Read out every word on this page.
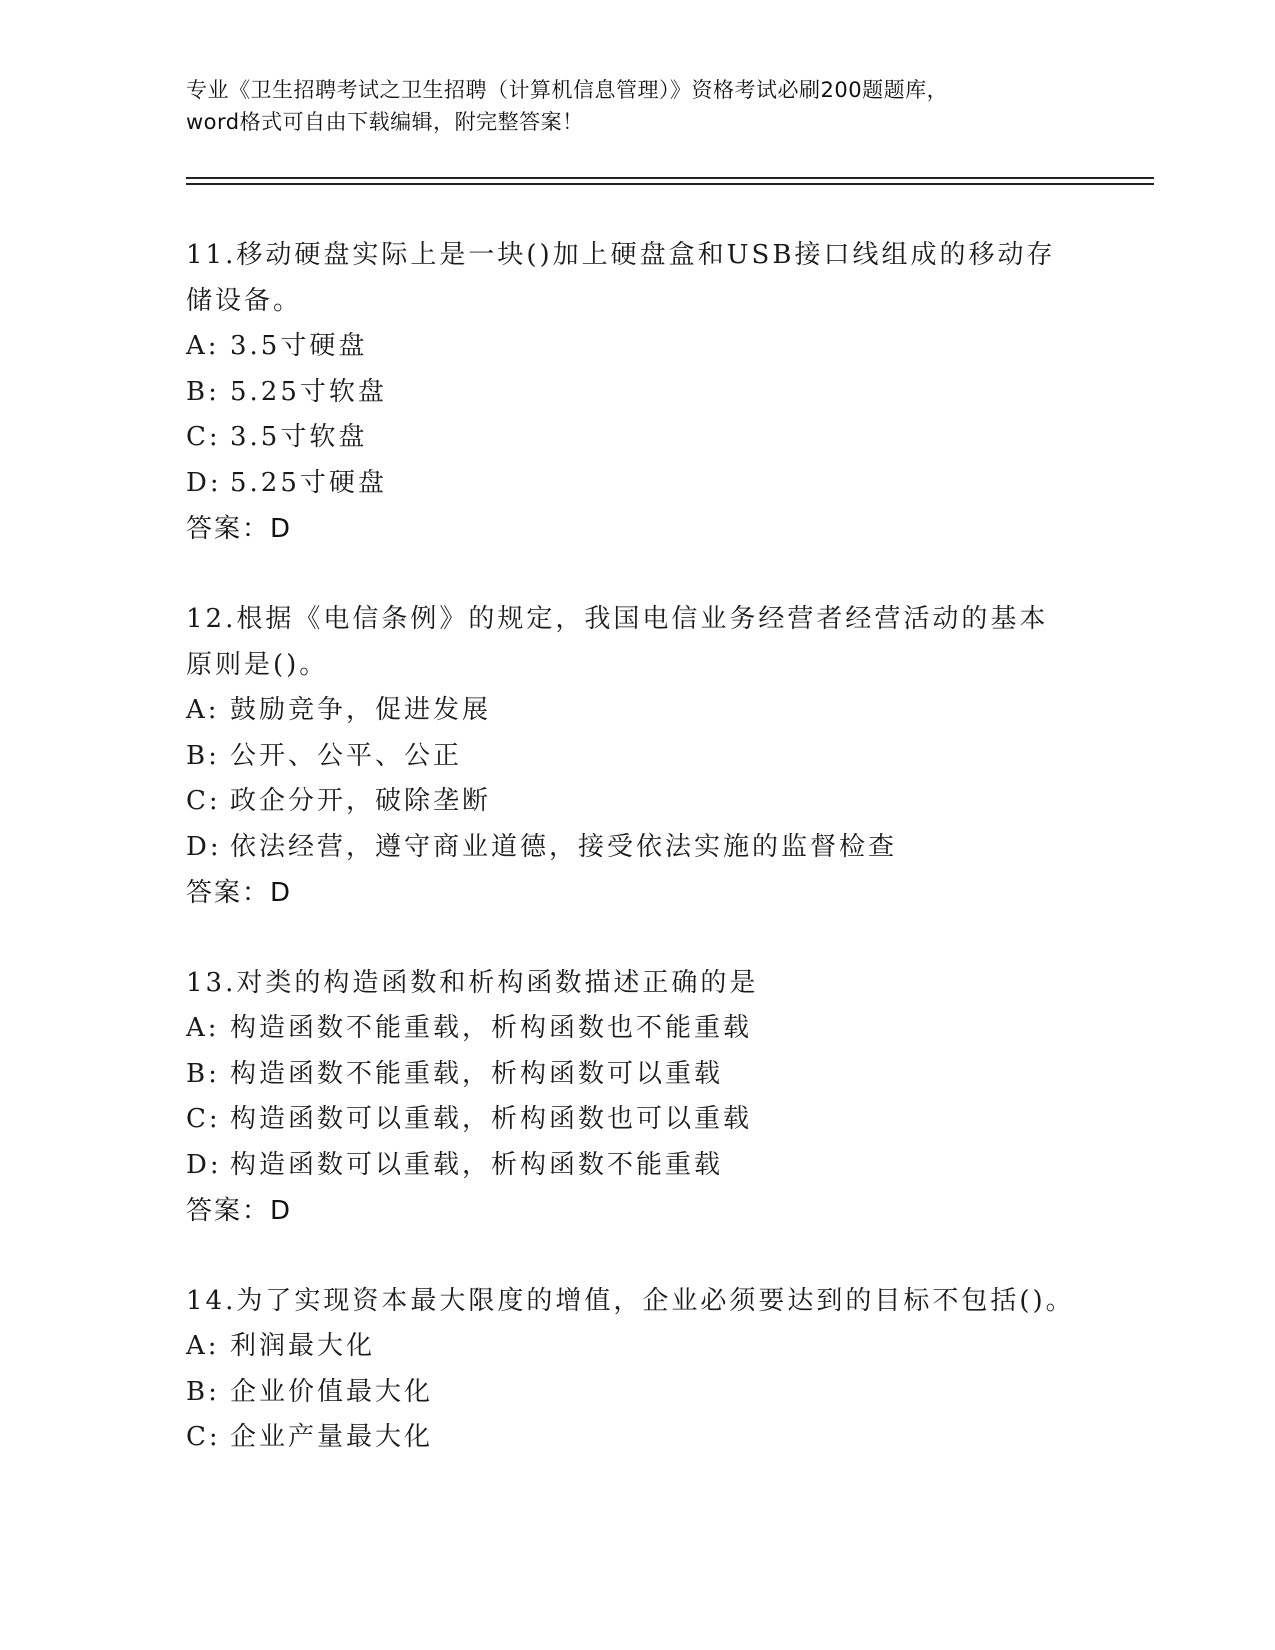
专业《卫生招聘考试之卫生招聘（计算机信息管理）》资格考试必刷200题题库，
word格式可自由下载编辑，附完整答案！

11.移动硬盘实际上是一块()加上硬盘盒和USB接口线组成的移动存储设备。

A: 3.5寸硬盘

B: 5.25寸软盘

C: 3.5寸软盘

D: 5.25寸硬盘

答案：D

12.根据《电信条例》的规定，我国电信业务经营者经营活动的基本原则是()。

A: 鼓励竞争，促进发展

B: 公开、公平、公正

C: 政企分开，破除垄断

D: 依法经营，遵守商业道德，接受依法实施的监督检查

答案：D

13.对类的构造函数和析构函数描述正确的是

A: 构造函数不能重载，析构函数也不能重载

B: 构造函数不能重载，析构函数可以重载

C: 构造函数可以重载，析构函数也可以重载

D: 构造函数可以重载，析构函数不能重载

答案：D

14.为了实现资本最大限度的增值，企业必须要达到的目标不包括()。

A: 利润最大化

B: 企业价值最大化

C: 企业产量最大化
